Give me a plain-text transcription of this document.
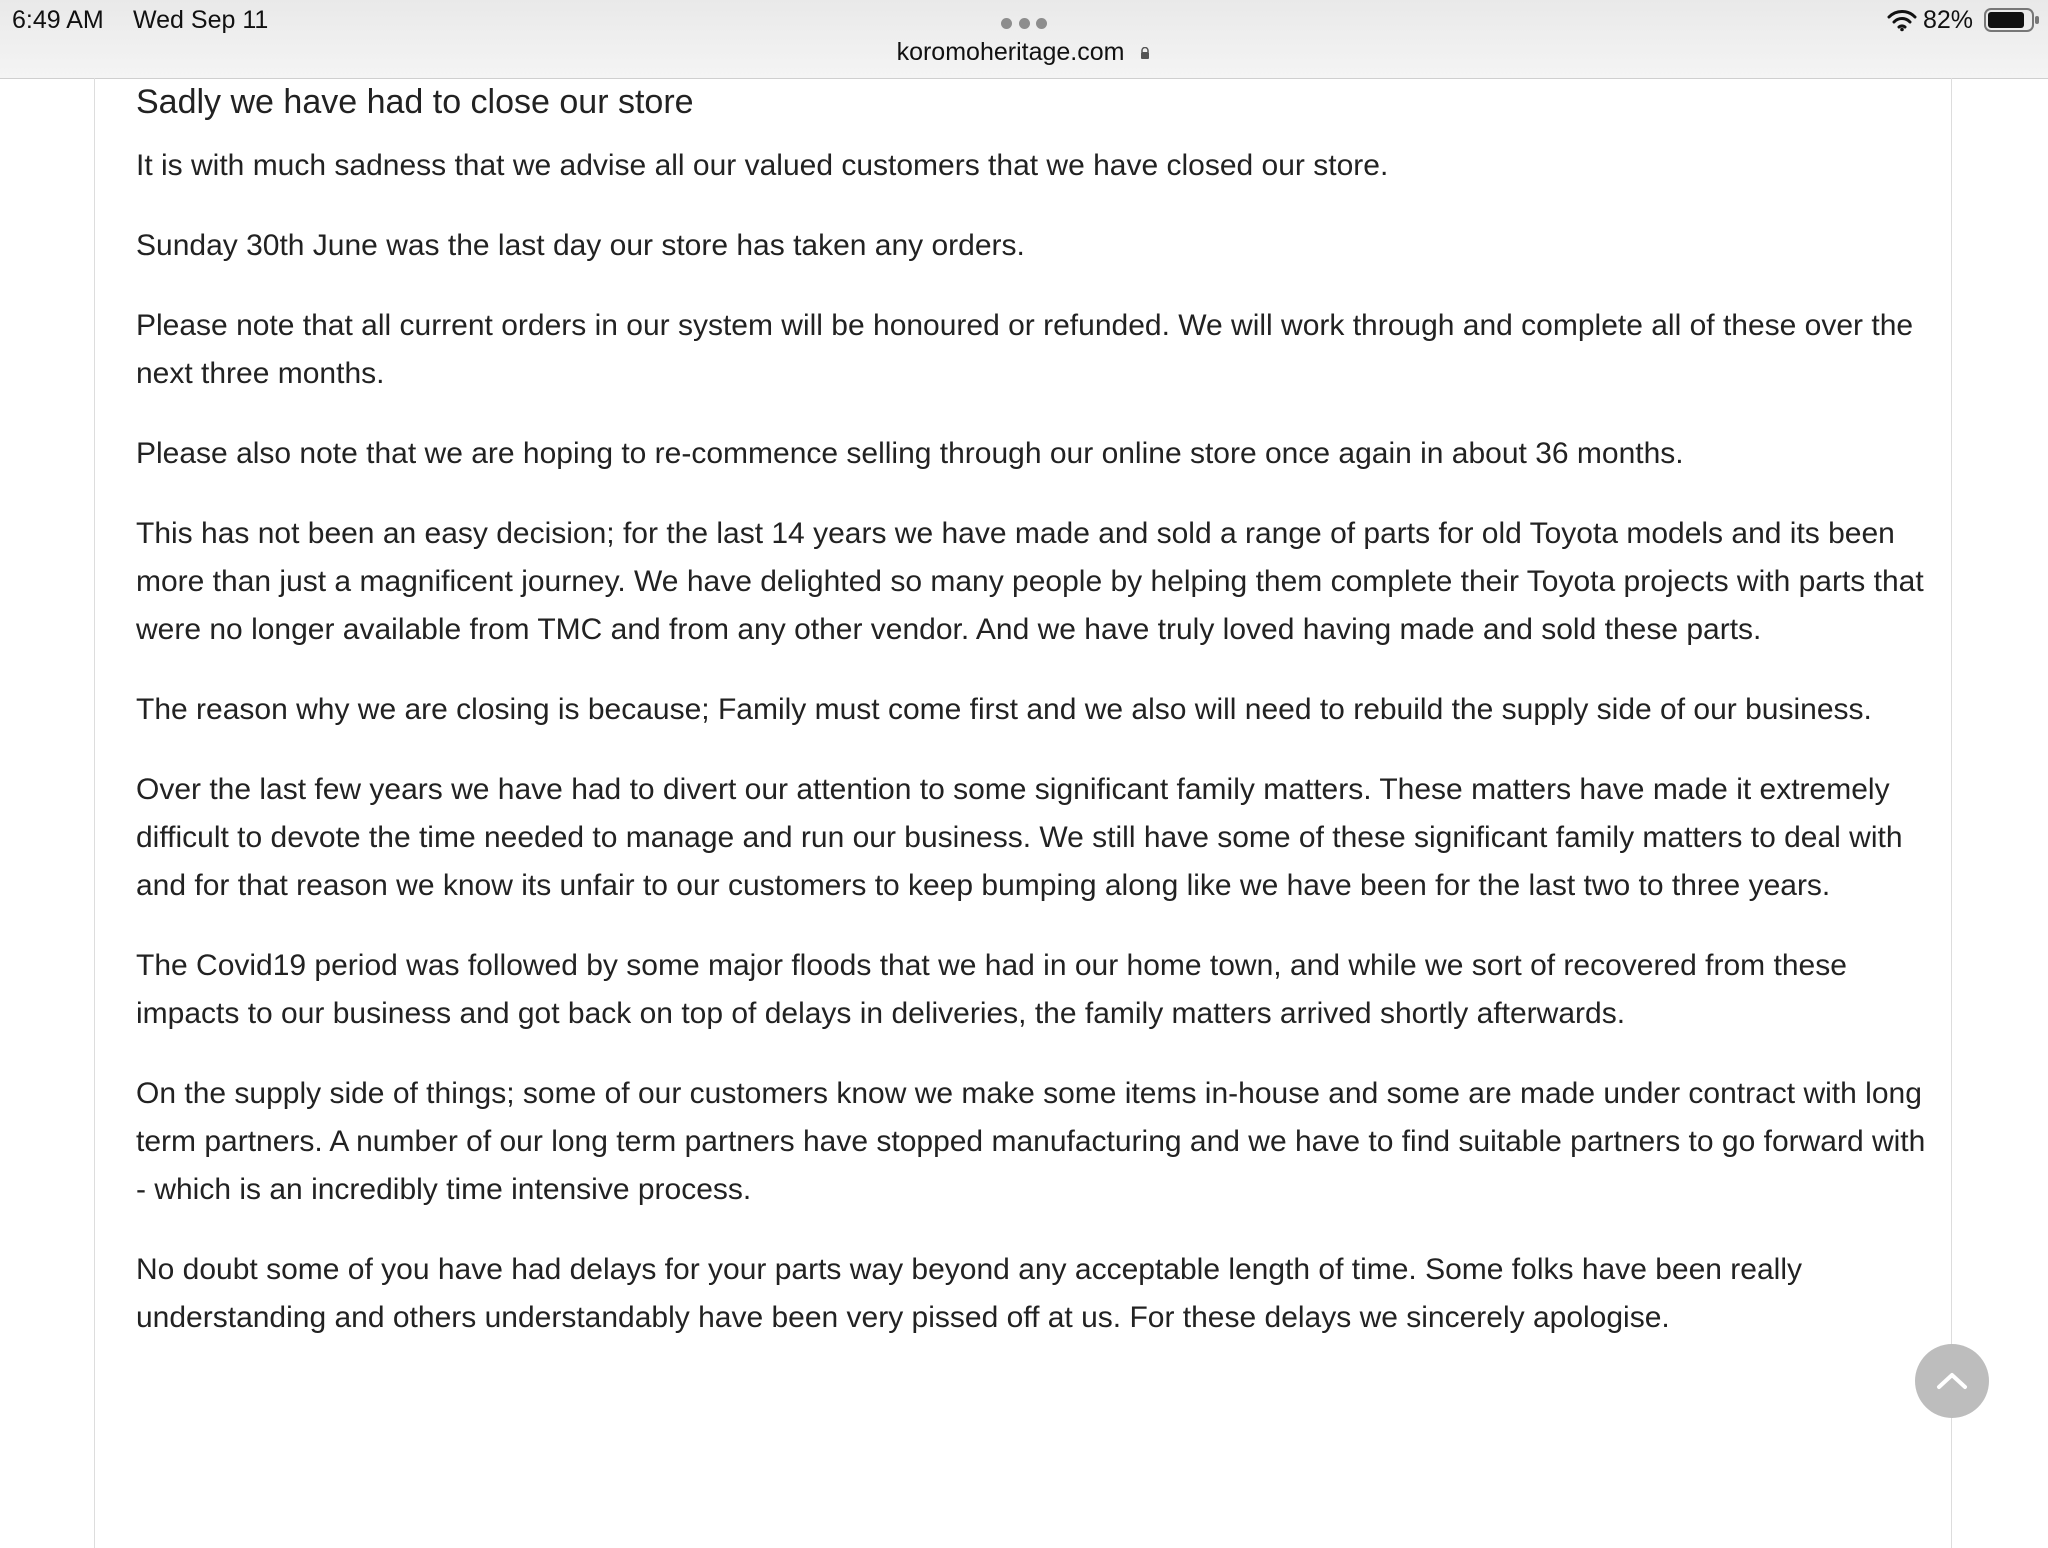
6:49 AM Wed Sep 11
koromoheritage.com
82%
Sadly we have had to close our store

It is with much sadness that we advise all our valued customers that we have closed our store.

Sunday 30th June was the last day our store has taken any orders.

Please note that all current orders in our system will be honoured or refunded. We will work through and complete all of these over the next three months.

Please also note that we are hoping to re-commence selling through our online store once again in about 36 months.

This has not been an easy decision; for the last 14 years we have made and sold a range of parts for old Toyota models and its been more than just a magnificent journey. We have delighted so many people by helping them complete their Toyota projects with parts that were no longer available from TMC and from any other vendor. And we have truly loved having made and sold these parts.

The reason why we are closing is because; Family must come first and we also will need to rebuild the supply side of our business.

Over the last few years we have had to divert our attention to some significant family matters. These matters have made it extremely difficult to devote the time needed to manage and run our business. We still have some of these significant family matters to deal with and for that reason we know its unfair to our customers to keep bumping along like we have been for the last two to three years.

The Covid19 period was followed by some major floods that we had in our home town, and while we sort of recovered from these impacts to our business and got back on top of delays in deliveries, the family matters arrived shortly afterwards.

On the supply side of things; some of our customers know we make some items in-house and some are made under contract with long term partners. A number of our long term partners have stopped manufacturing and we have to find suitable partners to go forward with - which is an incredibly time intensive process.

No doubt some of you have had delays for your parts way beyond any acceptable length of time. Some folks have been really understanding and others understandably have been very pissed off at us. For these delays we sincerely apologise.
